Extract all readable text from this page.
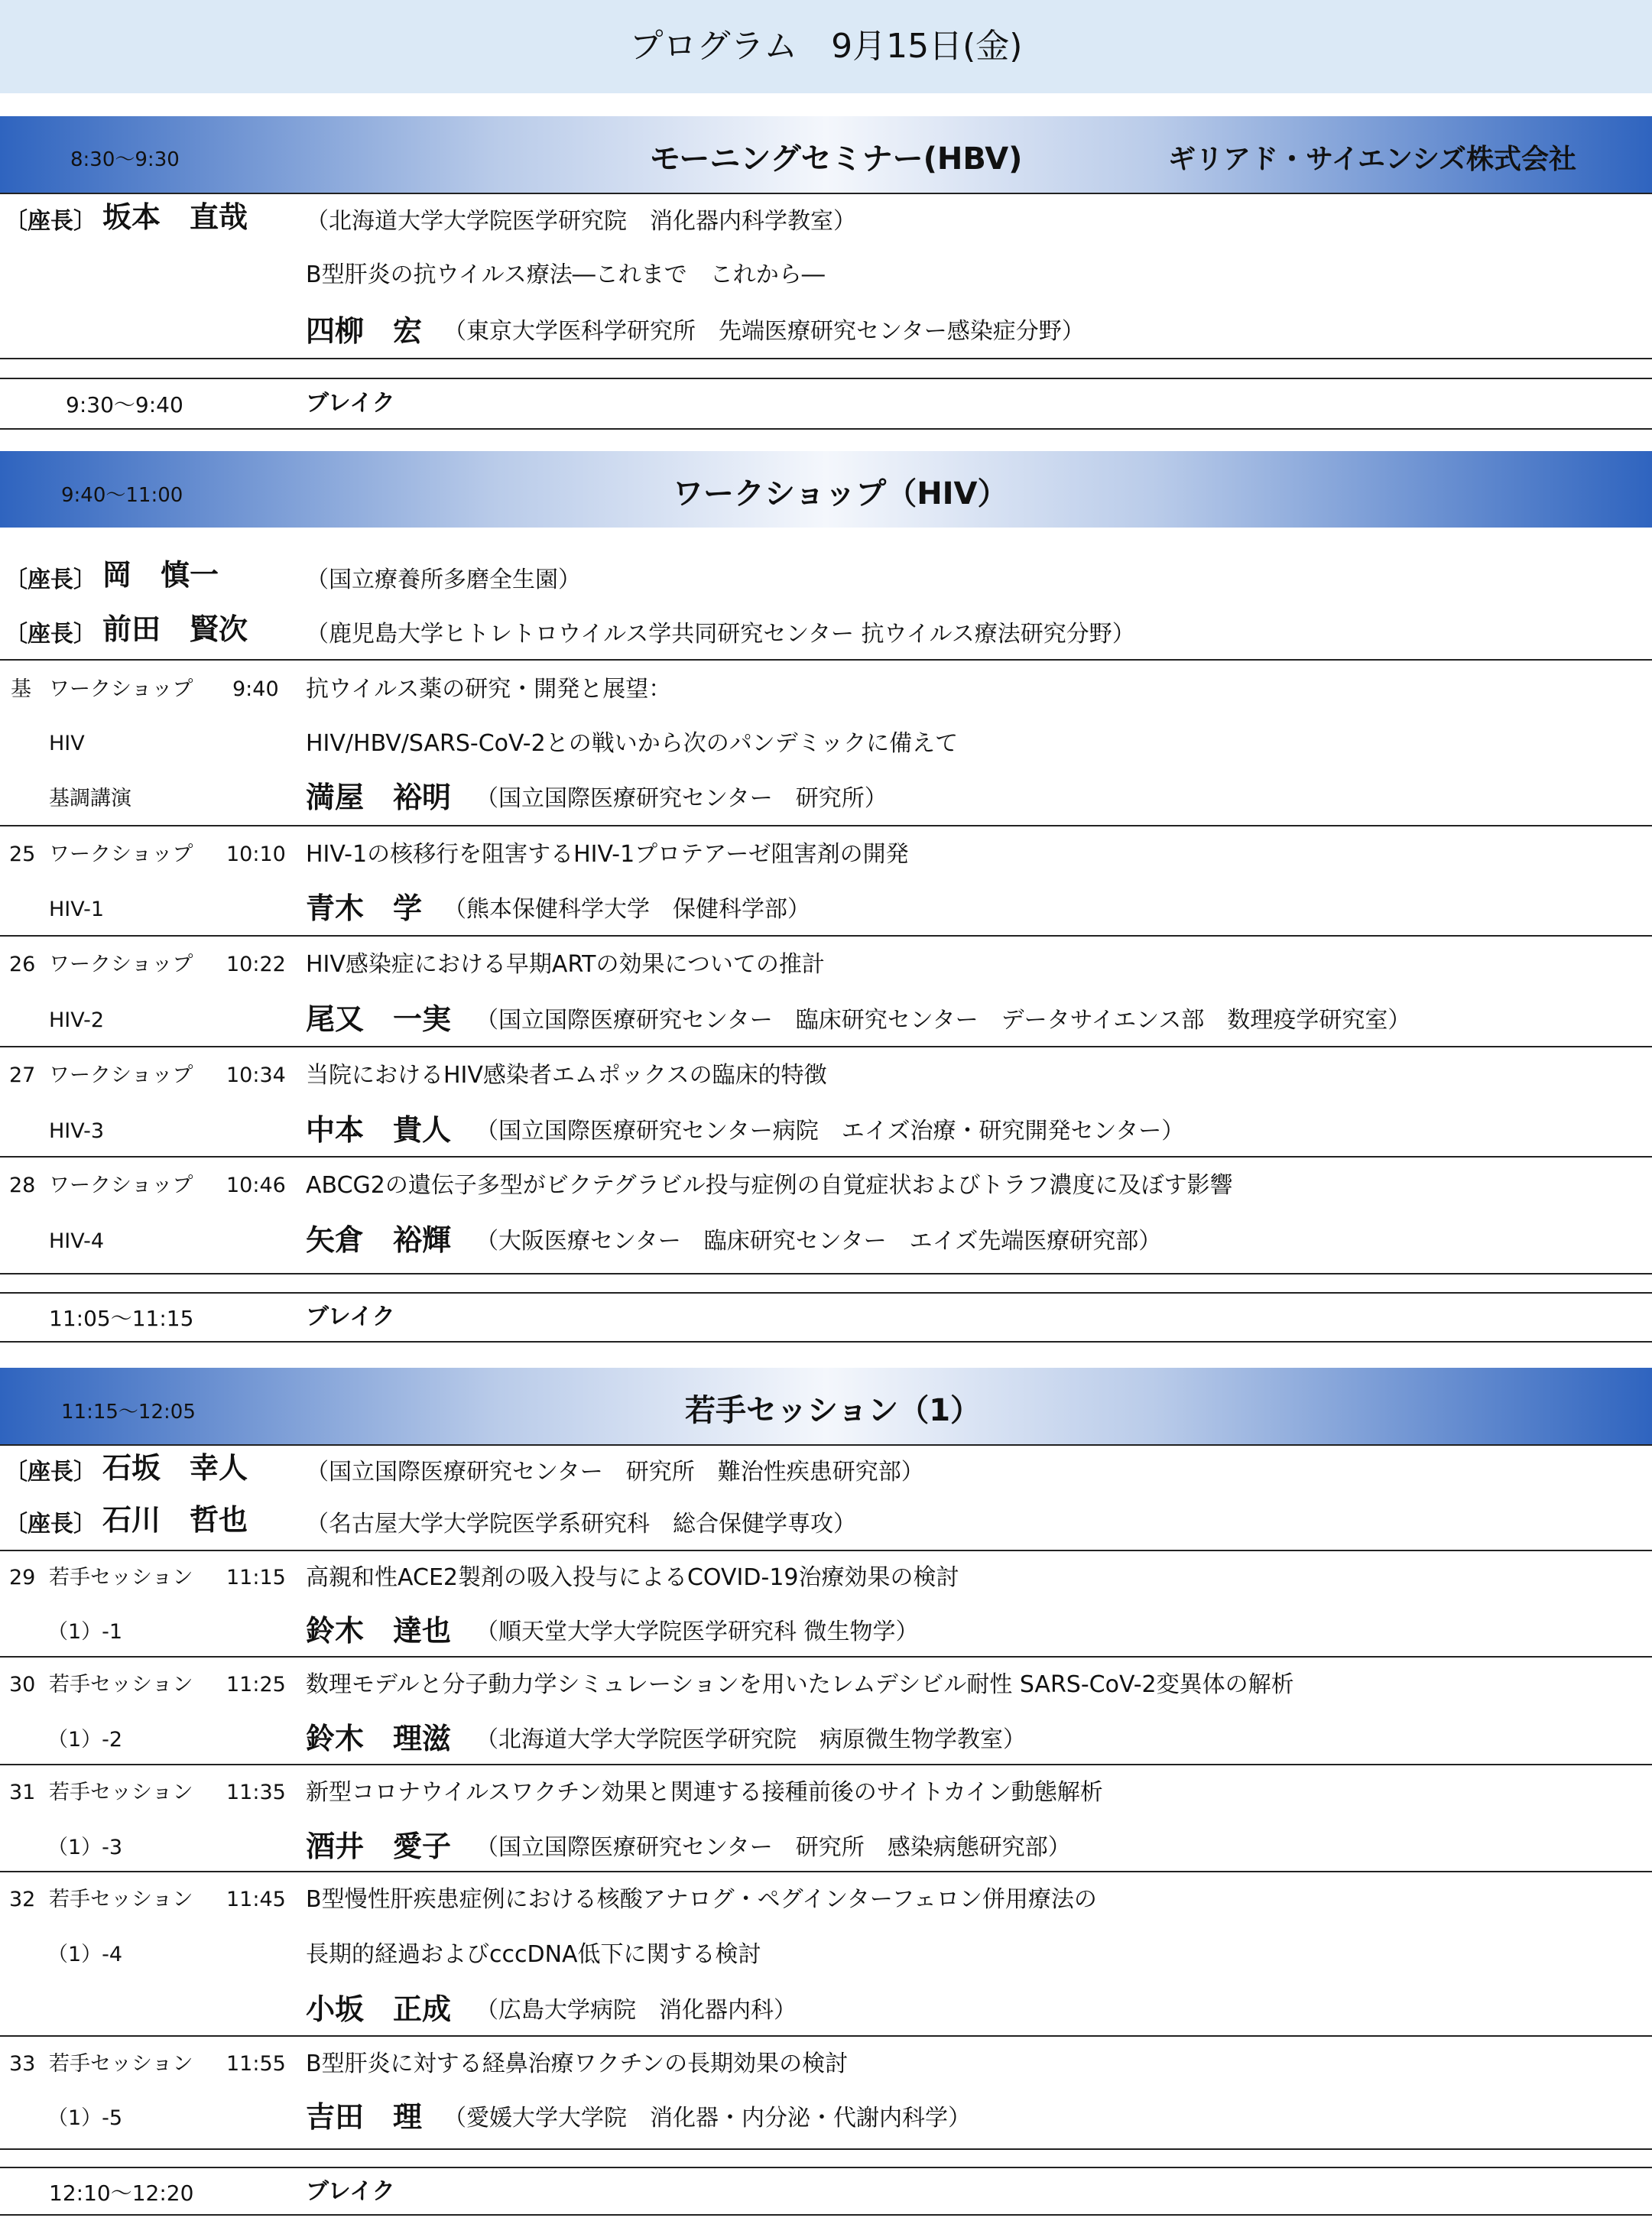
プログラム　9月15日(金)
8:30～9:30	モーニングセミナー(HBV)	ギリアド・サイエンシズ株式会社
〔座長〕 坂本　直哉	（北海道大学大学院医学研究院　消化器内科学教室）
B型肝炎の抗ウイルス療法―これまで　これから―
四柳　宏 （東京大学医科学研究所　先端医療研究センター感染症分野）
9:30～9:40	ブレイク
9:40～11:00	ワークショップ（HIV）
〔座長〕 岡　慎一	（国立療養所多磨全生園）
〔座長〕 前田　賢次	（鹿児島大学ヒトレトロウイルス学共同研究センター 抗ウイルス療法研究分野）
基 ワークショップ 9:40 抗ウイルス薬の研究・開発と展望：
HIV	HIV/HBV/SARS-CoV-2との戦いから次のパンデミックに備えて
基調講演	満屋　裕明 （国立国際医療研究センター　研究所）
25 ワークショップ 10:10 HIV-1の核移行を阻害するHIV-1プロテアーゼ阻害剤の開発
HIV-1	青木　学 （熊本保健科学大学　保健科学部）
26 ワークショップ 10:22 HIV感染症における早期ARTの効果についての推計
HIV-2	尾又　一実 （国立国際医療研究センター　臨床研究センター　データサイエンス部　数理疫学研究室）
27 ワークショップ 10:34 当院におけるHIV感染者エムポックスの臨床的特徴
HIV-3	中本　貴人 （国立国際医療研究センター病院　エイズ治療・研究開発センター）
28 ワークショップ 10:46 ABCG2の遺伝子多型がビクテグラビル投与症例の自覚症状およびトラフ濃度に及ぼす影響
HIV-4	矢倉　裕輝 （大阪医療センター　臨床研究センター　エイズ先端医療研究部）
11:05～11:15	ブレイク
11:15～12:05	若手セッション（1）
〔座長〕 石坂　幸人	（国立国際医療研究センター　研究所　難治性疾患研究部）
〔座長〕 石川　哲也	（名古屋大学大学院医学系研究科　総合保健学専攻）
29 若手セッション 11:15 高親和性ACE2製剤の吸入投与によるCOVID-19治療効果の検討
（1）-1	鈴木　達也 （順天堂大学大学院医学研究科 微生物学）
30 若手セッション 11:25 数理モデルと分子動力学シミュレーションを用いたレムデシビル耐性 SARS-CoV-2変異体の解析
（1）-2	鈴木　理滋 （北海道大学大学院医学研究院　病原微生物学教室）
31 若手セッション 11:35 新型コロナウイルスワクチン効果と関連する接種前後のサイトカイン動態解析
（1）-3	酒井　愛子 （国立国際医療研究センター　研究所　感染病態研究部）
32 若手セッション 11:45 B型慢性肝疾患症例における核酸アナログ・ペグインターフェロン併用療法の
（1）-4	長期的経過およびcccDNA低下に関する検討
小坂　正成 （広島大学病院　消化器内科）
33 若手セッション 11:55 B型肝炎に対する経鼻治療ワクチンの長期効果の検討
（1）-5	吉田　理 （愛媛大学大学院　消化器・内分泌・代謝内科学）
12:10～12:20	ブレイク
